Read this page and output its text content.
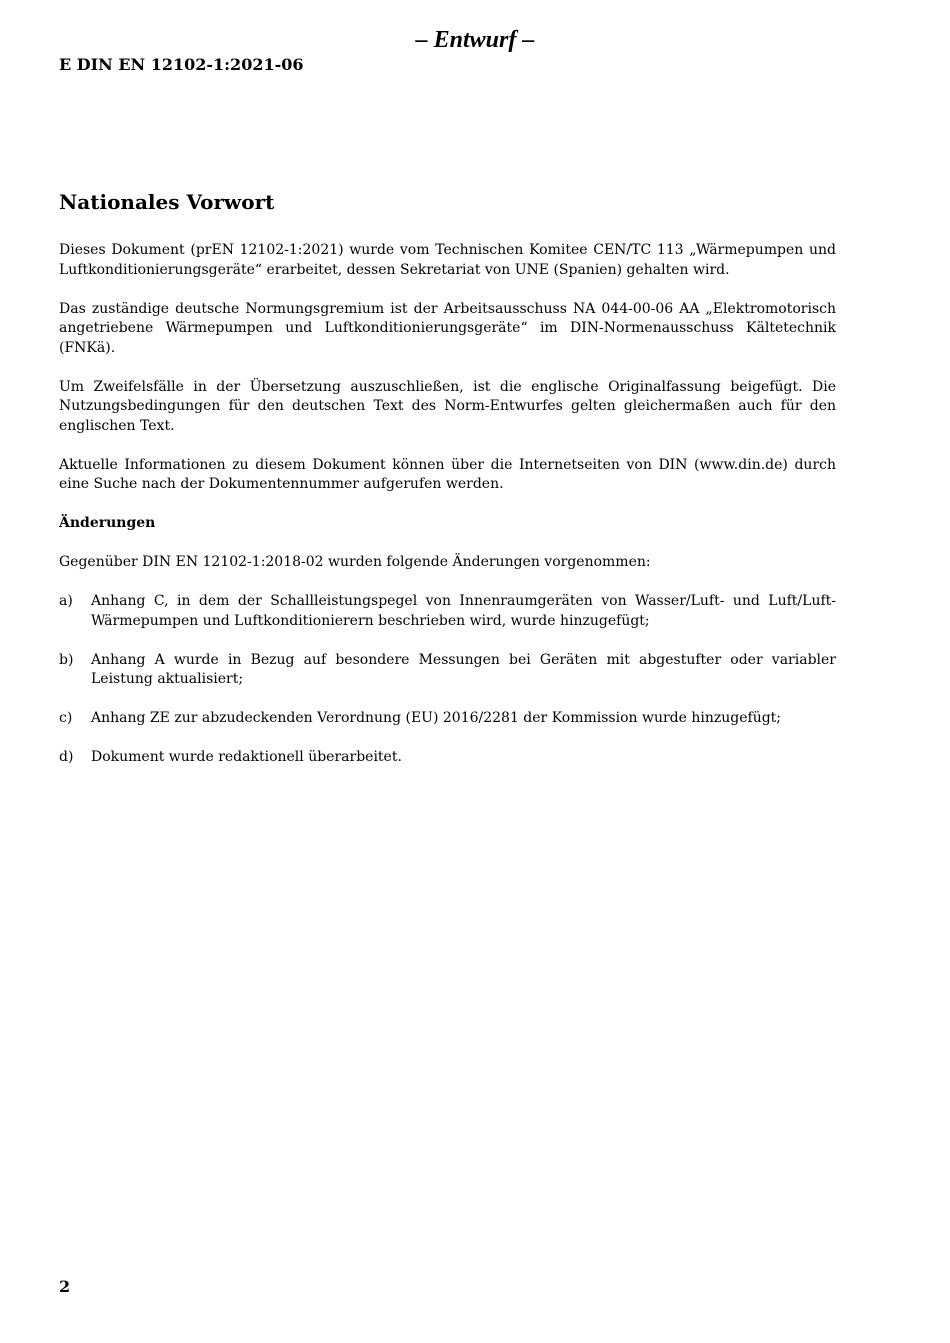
– Entwurf –
E DIN EN 12102-1:2021-06
Nationales Vorwort

Dieses Dokument (prEN 12102-1:2021) wurde vom Technischen Komitee CEN/TC 113 „Wärmepumpen und Luftkonditionierungsgeräte“ erarbeitet, dessen Sekretariat von UNE (Spanien) gehalten wird.

Das zuständige deutsche Normungsgremium ist der Arbeitsausschuss NA 044-00-06 AA „Elektromotorisch angetriebene Wärmepumpen und Luftkonditionierungsgeräte“ im DIN-Normenausschuss Kältetechnik (FNKä).

Um Zweifelsfälle in der Übersetzung auszuschließen, ist die englische Originalfassung beigefügt. Die Nutzungsbedingungen für den deutschen Text des Norm-Entwurfes gelten gleichermaßen auch für den englischen Text.

Aktuelle Informationen zu diesem Dokument können über die Internetseiten von DIN (www.din.de) durch eine Suche nach der Dokumentennummer aufgerufen werden.

Änderungen
Gegenüber DIN EN 12102-1:2018-02 wurden folgende Änderungen vorgenommen:
a)	Anhang C, in dem der Schallleistungspegel von Innenraumgeräten von Wasser/Luft- und Luft/Luft-Wärmepumpen und Luftkonditionierern beschrieben wird, wurde hinzugefügt;
b)	Anhang A wurde in Bezug auf besondere Messungen bei Geräten mit abgestufter oder variabler Leistung aktualisiert;
c)	Anhang ZE zur abzudeckenden Verordnung (EU) 2016/2281 der Kommission wurde hinzugefügt;
d)	Dokument wurde redaktionell überarbeitet.
2
